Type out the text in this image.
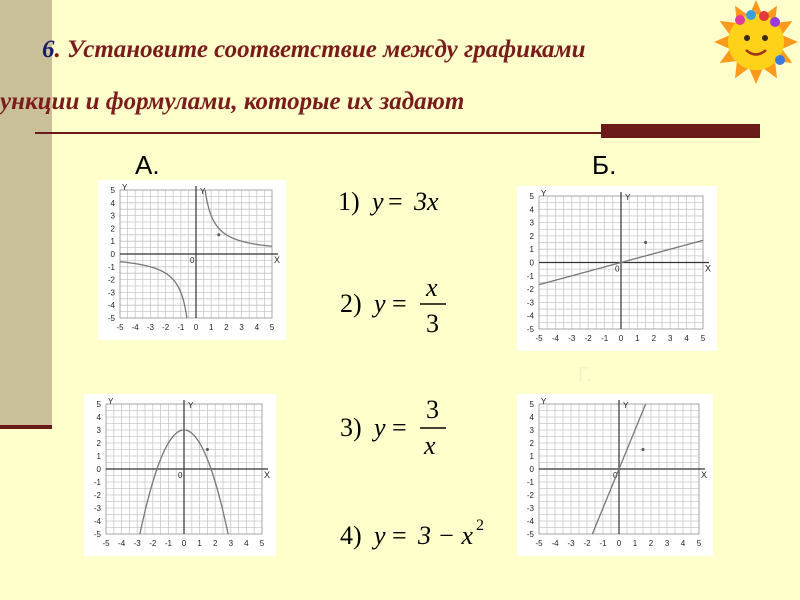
6. Установите соответствие между графиками
ункции и формулами, которые их задают
А.	Б.
Г.
-5 -4 -3 -2 -1 0 1 2 3 4 5
-5
-4
-3
-2
-1
0
1
2
3
4
5
X
Y	Y
0
-5 -4 -3 -2 -1 0 1 2 3 4 5
-5
-4
-3
-2
-1
0
1
2
3
4
5
X
Y	Y
0
-5 -4 -3 -2 -1 0 1 2 3 4 5
-5
-4
-3
-2
-1
0
1
2
3
4
5
X
Y	Y
0
-5 -4 -3 -2 -1 0 1 2 3 4 5
-5
-4
-3
-2
-1
0
1
2
3
4
5
X
Y	Y
0
1) y = 3x
2) y =
x
3
3) y =
3
x
4) y = 3 − x 2
